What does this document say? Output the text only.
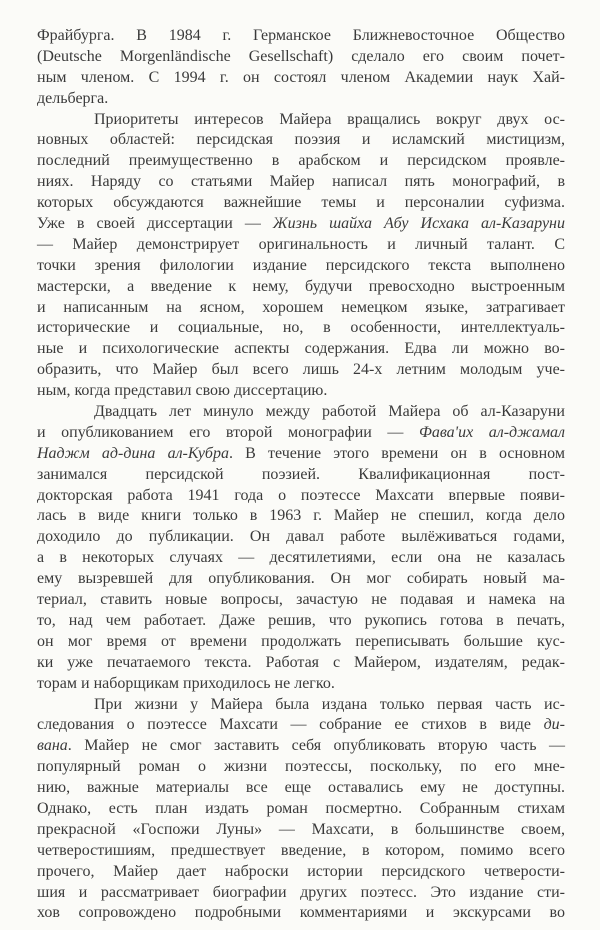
Фрайбурга. В 1984 г. Германское Ближневосточное Общество
(Deutsche Morgenländische Gesellschaft) сделало его своим почет-
ным членом. С 1994 г. он состоял членом Академии наук Хай-
дельберга.
Приоритеты интересов Майера вращались вокруг двух ос-
новных областей: персидская поэзия и исламский мистицизм,
последний преимущественно в арабском и персидском проявле-
ниях. Наряду со статьями Майер написал пять монографий, в
которых обсуждаются важнейшие темы и персоналии суфизма.
Уже в своей диссертации — Жизнь шайха Абу Исхака ал-Казаруни
— Майер демонстрирует оригинальность и личный талант. С
точки зрения филологии издание персидского текста выполнено
мастерски, а введение к нему, будучи превосходно выстроенным
и написанным на ясном, хорошем немецком языке, затрагивает
исторические и социальные, но, в особенности, интеллектуаль-
ные и психологические аспекты содержания. Едва ли можно во-
образить, что Майер был всего лишь 24-х летним молодым уче-
ным, когда представил свою диссертацию.
Двадцать лет минуло между работой Майера об ал-Казаруни
и опубликованием его второй монографии — Фава'их ал-джамал
Наджм ад-дина ал-Кубра. В течение этого времени он в основном
занимался персидской поэзией. Квалификационная пост-
докторская работа 1941 года о поэтессе Махсати впервые появи-
лась в виде книги только в 1963 г. Майер не спешил, когда дело
доходило до публикации. Он давал работе вылёживаться годами,
а в некоторых случаях — десятилетиями, если она не казалась
ему вызревшей для опубликования. Он мог собирать новый ма-
териал, ставить новые вопросы, зачастую не подавая и намека на
то, над чем работает. Даже решив, что рукопись готова в печать,
он мог время от времени продолжать переписывать большие кус-
ки уже печатаемого текста. Работая с Майером, издателям, редак-
торам и наборщикам приходилось не легко.
При жизни у Майера была издана только первая часть ис-
следования о поэтессе Махсати — собрание ее стихов в виде ди-
вана. Майер не смог заставить себя опубликовать вторую часть —
популярный роман о жизни поэтессы, поскольку, по его мне-
нию, важные материалы все еще оставались ему не доступны.
Однако, есть план издать роман посмертно. Собранным стихам
прекрасной «Госпожи Луны» — Махсати, в большинстве своем,
четверостишиям, предшествует введение, в котором, помимо всего
прочего, Майер дает наброски истории персидского четверости-
шия и рассматривает биографии других поэтесс. Это издание сти-
хов сопровождено подробными комментариями и экскурсами во
